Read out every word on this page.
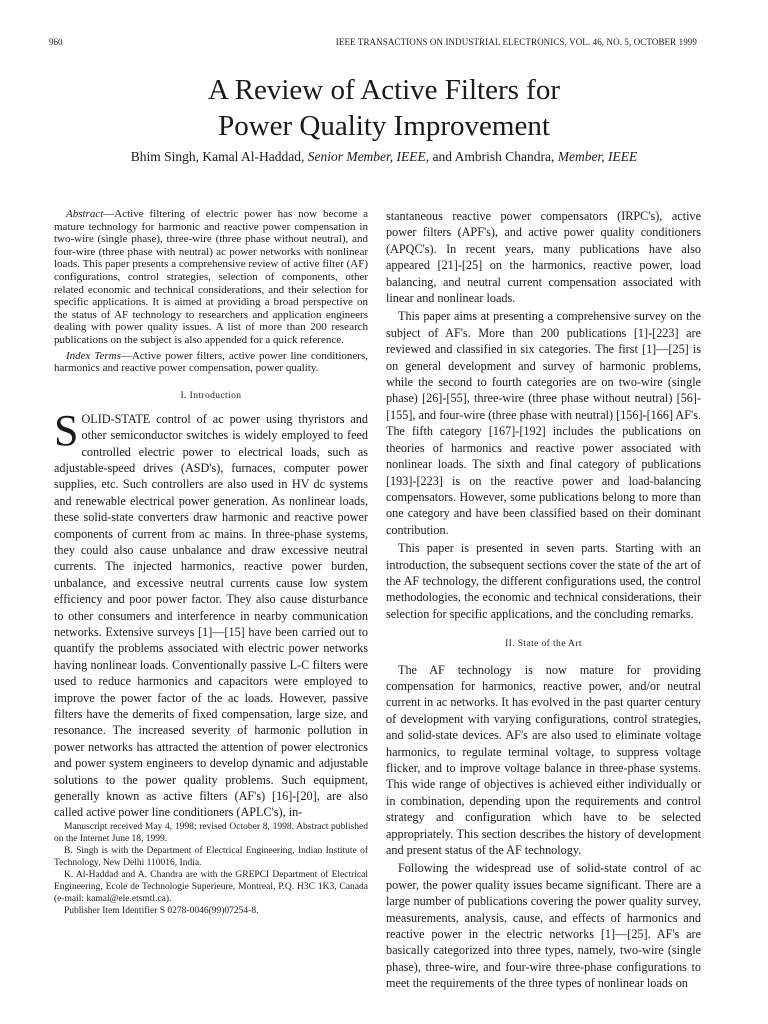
960	IEEE TRANSACTIONS ON INDUSTRIAL ELECTRONICS, VOL. 46, NO. 5, OCTOBER 1999
A Review of Active Filters for
Power Quality Improvement
Bhim Singh, Kamal Al-Haddad, Senior Member, IEEE, and Ambrish Chandra, Member, IEEE

Abstract—Active filtering of electric power has now become a mature technology for harmonic and reactive power compensation in two-wire (single phase), three-wire (three phase without neutral), and four-wire (three phase with neutral) ac power networks with nonlinear loads. This paper presents a comprehensive review of active filter (AF) configurations, control strategies, selection of components, other related economic and technical considerations, and their selection for specific applications. It is aimed at providing a broad perspective on the status of AF technology to researchers and application engineers dealing with power quality issues. A list of more than 200 research publications on the subject is also appended for a quick reference.

Index Terms—Active power filters, active power line conditioners, harmonics and reactive power compensation, power quality.

I. Introduction

SOLID-STATE control of ac power using thyristors and other semiconductor switches is widely employed to feed controlled electric power to electrical loads, such as adjustable-speed drives (ASD's), furnaces, computer power supplies, etc. Such controllers are also used in HV dc systems and renewable electrical power generation. As nonlinear loads, these solid-state converters draw harmonic and reactive power components of current from ac mains. In three-phase systems, they could also cause unbalance and draw excessive neutral currents. The injected harmonics, reactive power burden, unbalance, and excessive neutral currents cause low system efficiency and poor power factor. They also cause disturbance to other consumers and interference in nearby communication networks. Extensive surveys [1]—[15] have been carried out to quantify the problems associated with electric power networks having nonlinear loads. Conventionally passive L-C filters were used to reduce harmonics and capacitors were employed to improve the power factor of the ac loads. However, passive filters have the demerits of fixed compensation, large size, and resonance. The increased severity of harmonic pollution in power networks has attracted the attention of power electronics and power system engineers to develop dynamic and adjustable solutions to the power quality problems. Such equipment, generally known as active filters (AF's) [16]-[20], are also called active power line conditioners (APLC's), in-

Manuscript received May 4, 1998; revised October 8, 1998. Abstract published on the Internet June 18, 1999.

B. Singh is with the Department of Electrical Engineering, Indian Institute of Technology, New Delhi 110016, India.

K. Al-Haddad and A. Chandra are with the GREPCI Department of Electrical Engineering, Ecole de Technologie Superieure, Montreal, P.Q. H3C 1K3, Canada (e-mail: kamal@ele.etsmtl.ca).

Publisher Item Identifier S 0278-0046(99)07254-8.

stantaneous reactive power compensators (IRPC's), active power filters (APF's), and active power quality conditioners (APQC's). In recent years, many publications have also appeared [21]-[25] on the harmonics, reactive power, load balancing, and neutral current compensation associated with linear and nonlinear loads.

This paper aims at presenting a comprehensive survey on the subject of AF's. More than 200 publications [1]-[223] are reviewed and classified in six categories. The first [1]—[25] is on general development and survey of harmonic problems, while the second to fourth categories are on two-wire (single phase) [26]-[55], three-wire (three phase without neutral) [56]-[155], and four-wire (three phase with neutral) [156]-[166] AF's. The fifth category [167]-[192] includes the publications on theories of harmonics and reactive power associated with nonlinear loads. The sixth and final category of publications [193]-[223] is on the reactive power and load-balancing compensators. However, some publications belong to more than one category and have been classified based on their dominant contribution.

This paper is presented in seven parts. Starting with an introduction, the subsequent sections cover the state of the art of the AF technology, the different configurations used, the control methodologies, the economic and technical considerations, their selection for specific applications, and the concluding remarks.

II. State of the Art

The AF technology is now mature for providing compensation for harmonics, reactive power, and/or neutral current in ac networks. It has evolved in the past quarter century of development with varying configurations, control strategies, and solid-state devices. AF's are also used to eliminate voltage harmonics, to regulate terminal voltage, to suppress voltage flicker, and to improve voltage balance in three-phase systems. This wide range of objectives is achieved either individually or in combination, depending upon the requirements and control strategy and configuration which have to be selected appropriately. This section describes the history of development and present status of the AF technology.

Following the widespread use of solid-state control of ac power, the power quality issues became significant. There are a large number of publications covering the power quality survey, measurements, analysis, cause, and effects of harmonics and reactive power in the electric networks [1]—[25]. AF's are basically categorized into three types, namely, two-wire (single phase), three-wire, and four-wire three-phase configurations to meet the requirements of the three types of nonlinear loads on
